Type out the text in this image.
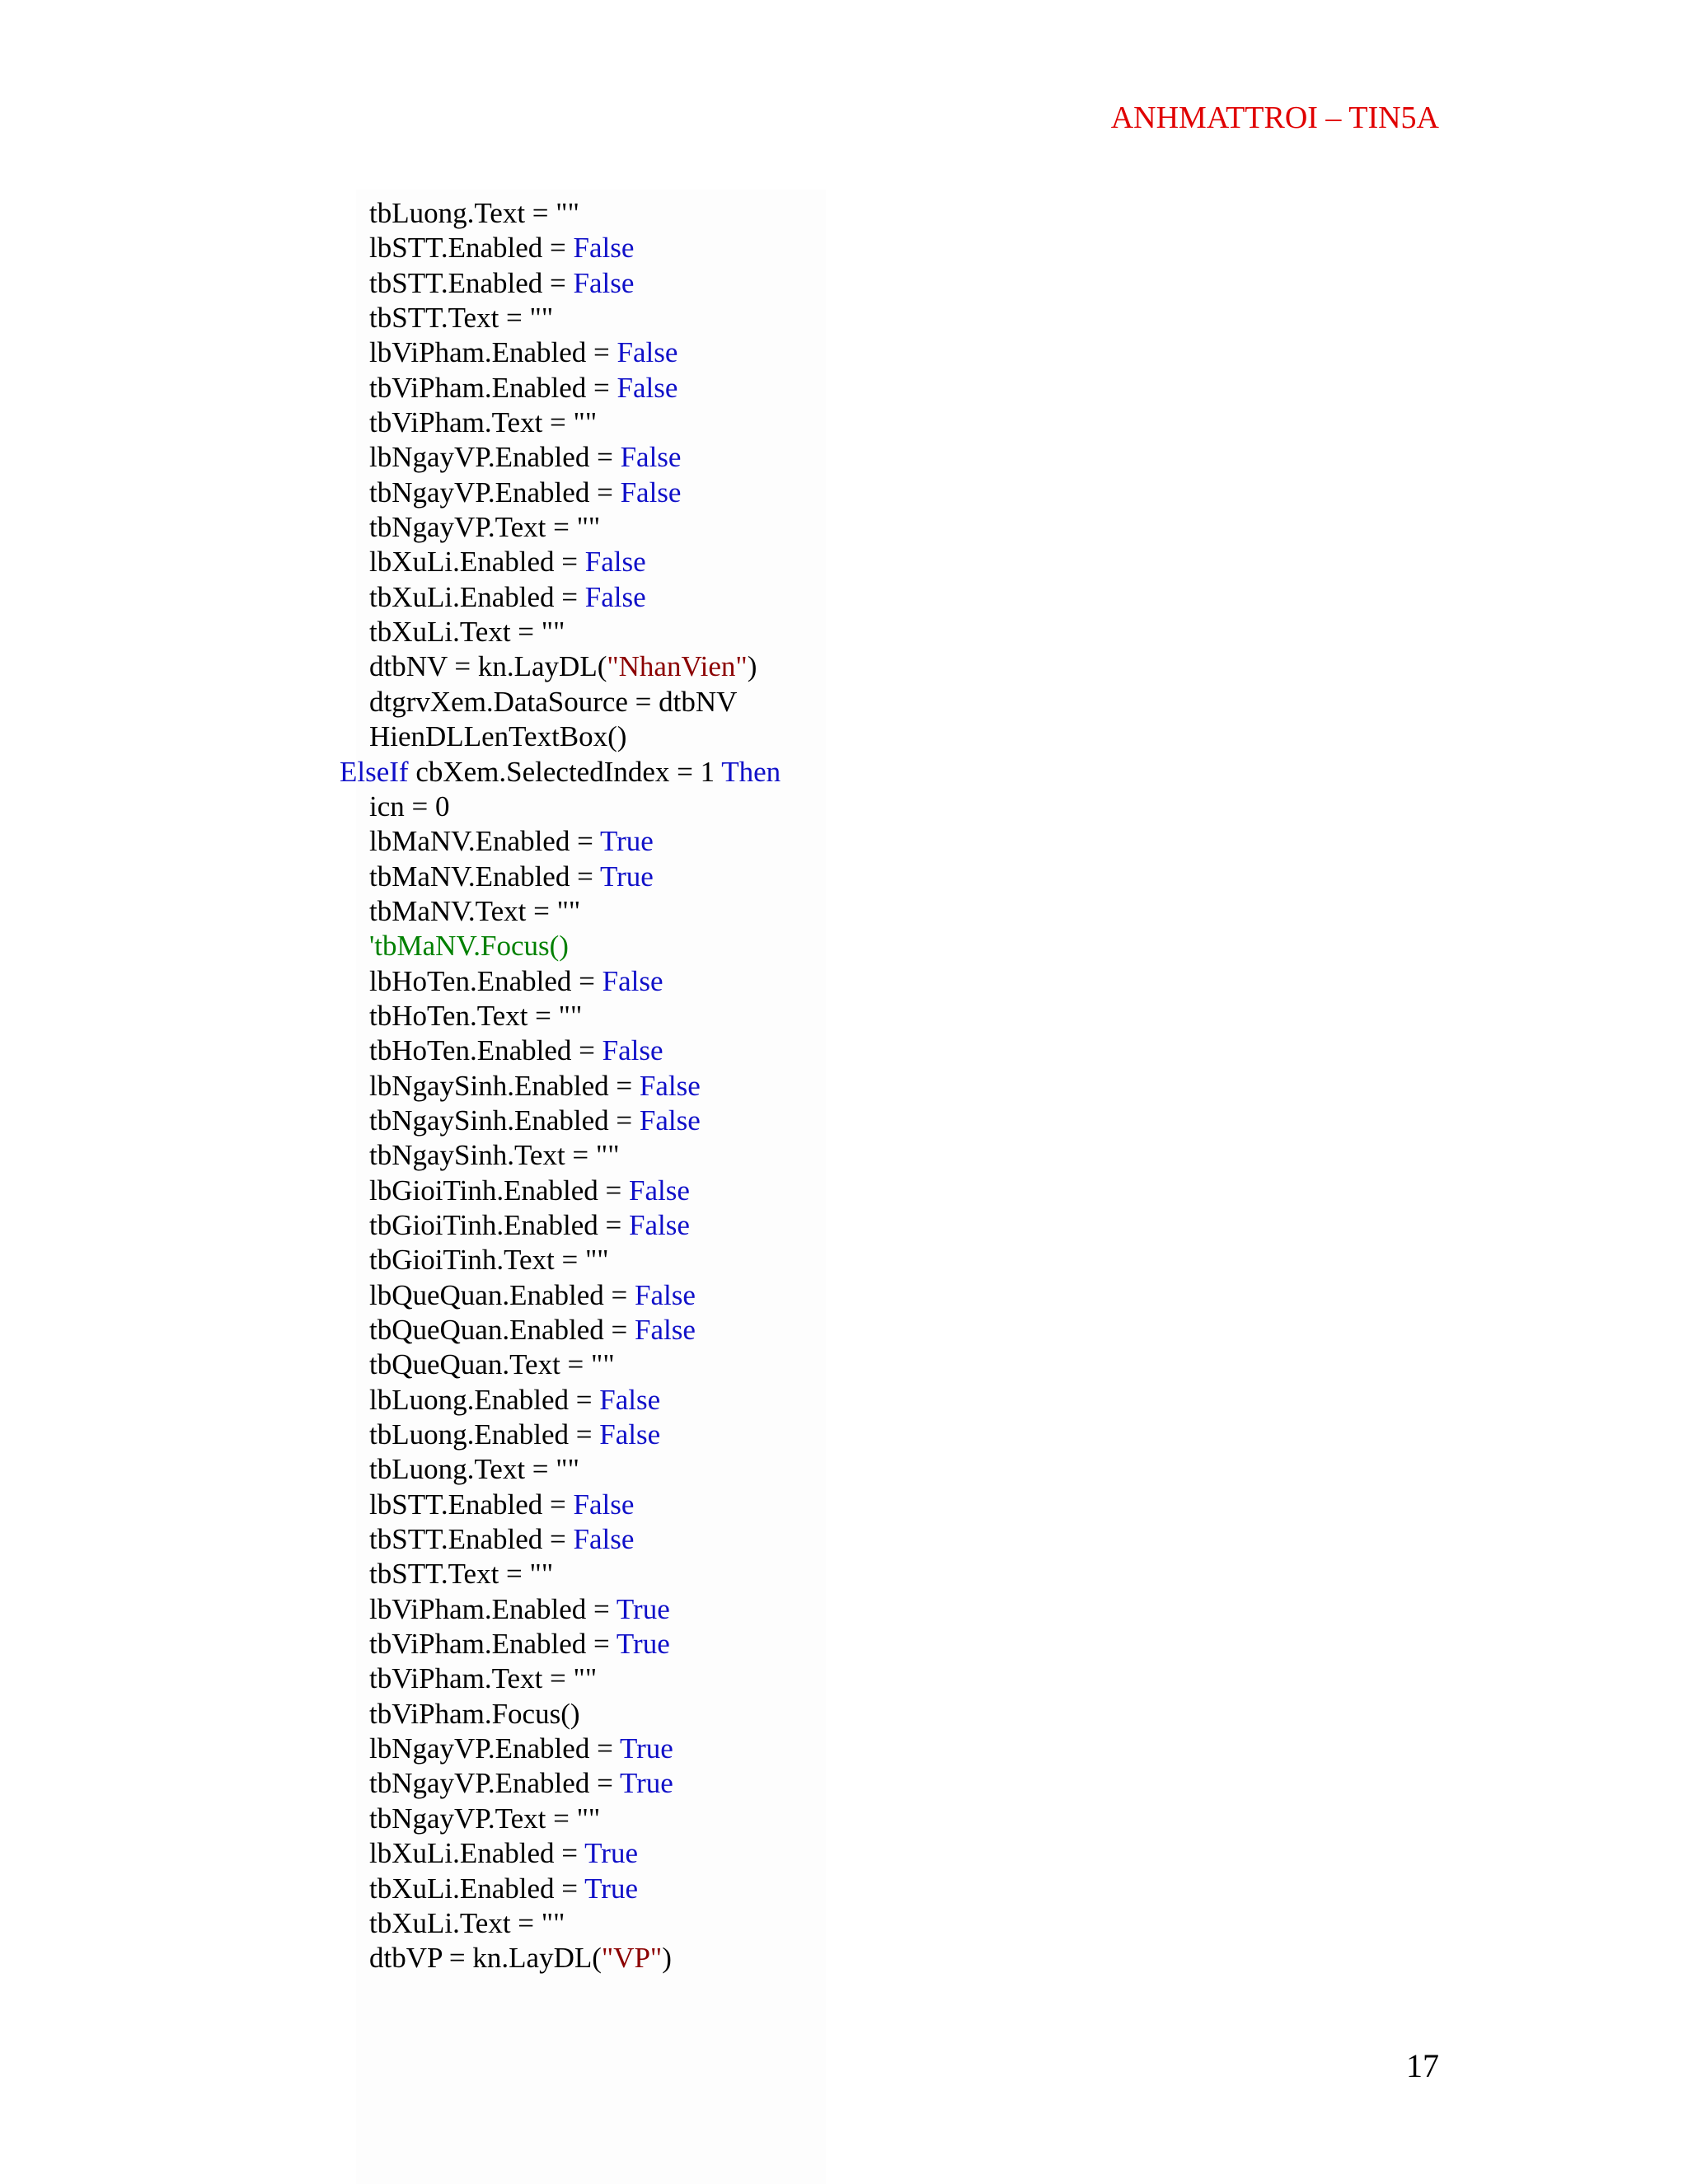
ANHMATTROI – TIN5A
tbLuong.Text = ""
lbSTT.Enabled = False
tbSTT.Enabled = False
tbSTT.Text = ""
lbViPham.Enabled = False
tbViPham.Enabled = False
tbViPham.Text = ""
lbNgayVP.Enabled = False
tbNgayVP.Enabled = False
tbNgayVP.Text = ""
lbXuLi.Enabled = False
tbXuLi.Enabled = False
tbXuLi.Text = ""
dtbNV = kn.LayDL("NhanVien")
dtgrvXem.DataSource = dtbNV
HienDLLenTextBox()
ElseIf cbXem.SelectedIndex = 1 Then
icn = 0
lbMaNV.Enabled = True
tbMaNV.Enabled = True
tbMaNV.Text = ""
'tbMaNV.Focus()
lbHoTen.Enabled = False
tbHoTen.Text = ""
tbHoTen.Enabled = False
lbNgaySinh.Enabled = False
tbNgaySinh.Enabled = False
tbNgaySinh.Text = ""
lbGioiTinh.Enabled = False
tbGioiTinh.Enabled = False
tbGioiTinh.Text = ""
lbQueQuan.Enabled = False
tbQueQuan.Enabled = False
tbQueQuan.Text = ""
lbLuong.Enabled = False
tbLuong.Enabled = False
tbLuong.Text = ""
lbSTT.Enabled = False
tbSTT.Enabled = False
tbSTT.Text = ""
lbViPham.Enabled = True
tbViPham.Enabled = True
tbViPham.Text = ""
tbViPham.Focus()
lbNgayVP.Enabled = True
tbNgayVP.Enabled = True
tbNgayVP.Text = ""
lbXuLi.Enabled = True
tbXuLi.Enabled = True
tbXuLi.Text = ""
dtbVP = kn.LayDL("VP")
17
